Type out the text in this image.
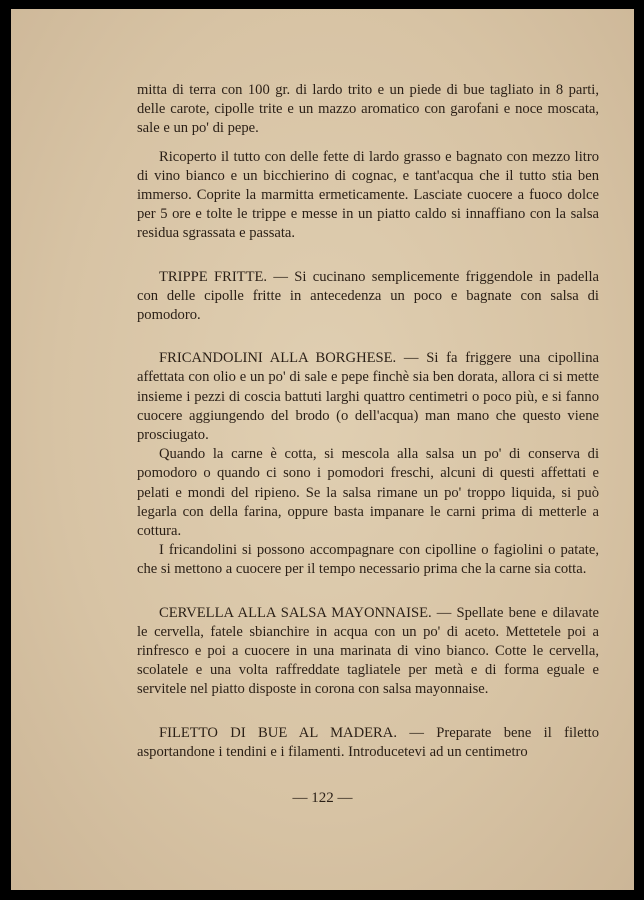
mitta di terra con 100 gr. di lardo trito e un piede di bue tagliato in 8 parti, delle carote, cipolle trite e un mazzo aromatico con garofani e noce moscata, sale e un po' di pepe.

Ricoperto il tutto con delle fette di lardo grasso e bagnato con mezzo litro di vino bianco e un bicchierino di cognac, e tant'acqua che il tutto stia ben immerso. Coprite la marmitta ermeticamente. Lasciate cuocere a fuoco dolce per 5 ore e tolte le trippe e messe in un piatto caldo si innaffiano con la salsa residua sgrassata e passata.

TRIPPE FRITTE. — Si cucinano semplicemente friggendole in padella con delle cipolle fritte in antecedenza un poco e bagnate con salsa di pomodoro.

FRICANDOLINI ALLA BORGHESE. — Si fa friggere una cipollina affettata con olio e un po' di sale e pepe finchè sia ben dorata, allora ci si mette insieme i pezzi di coscia battuti larghi quattro centimetri o poco più, e si fanno cuocere aggiungendo del brodo (o dell'acqua) man mano che questo viene prosciugato.

Quando la carne è cotta, si mescola alla salsa un po' di conserva di pomodoro o quando ci sono i pomodori freschi, alcuni di questi affettati e pelati e mondi del ripieno. Se la salsa rimane un po' troppo liquida, si può legarla con della farina, oppure basta impanare le carni prima di metterle a cottura.

I fricandolini si possono accompagnare con cipolline o fagiolini o patate, che si mettono a cuocere per il tempo necessario prima che la carne sia cotta.

CERVELLA ALLA SALSA MAYONNAISE. — Spellate bene e dilavate le cervella, fatele sbianchire in acqua con un po' di aceto. Mettetele poi a rinfresco e poi a cuocere in una marinata di vino bianco. Cotte le cervella, scolatele e una volta raffreddate tagliatele per metà e di forma eguale e servitele nel piatto disposte in corona con salsa mayonnaise.

FILETTO DI BUE AL MADERA. — Preparate bene il filetto asportandone i tendini e i filamenti. Introducetevi ad un centimetro

— 122 —
